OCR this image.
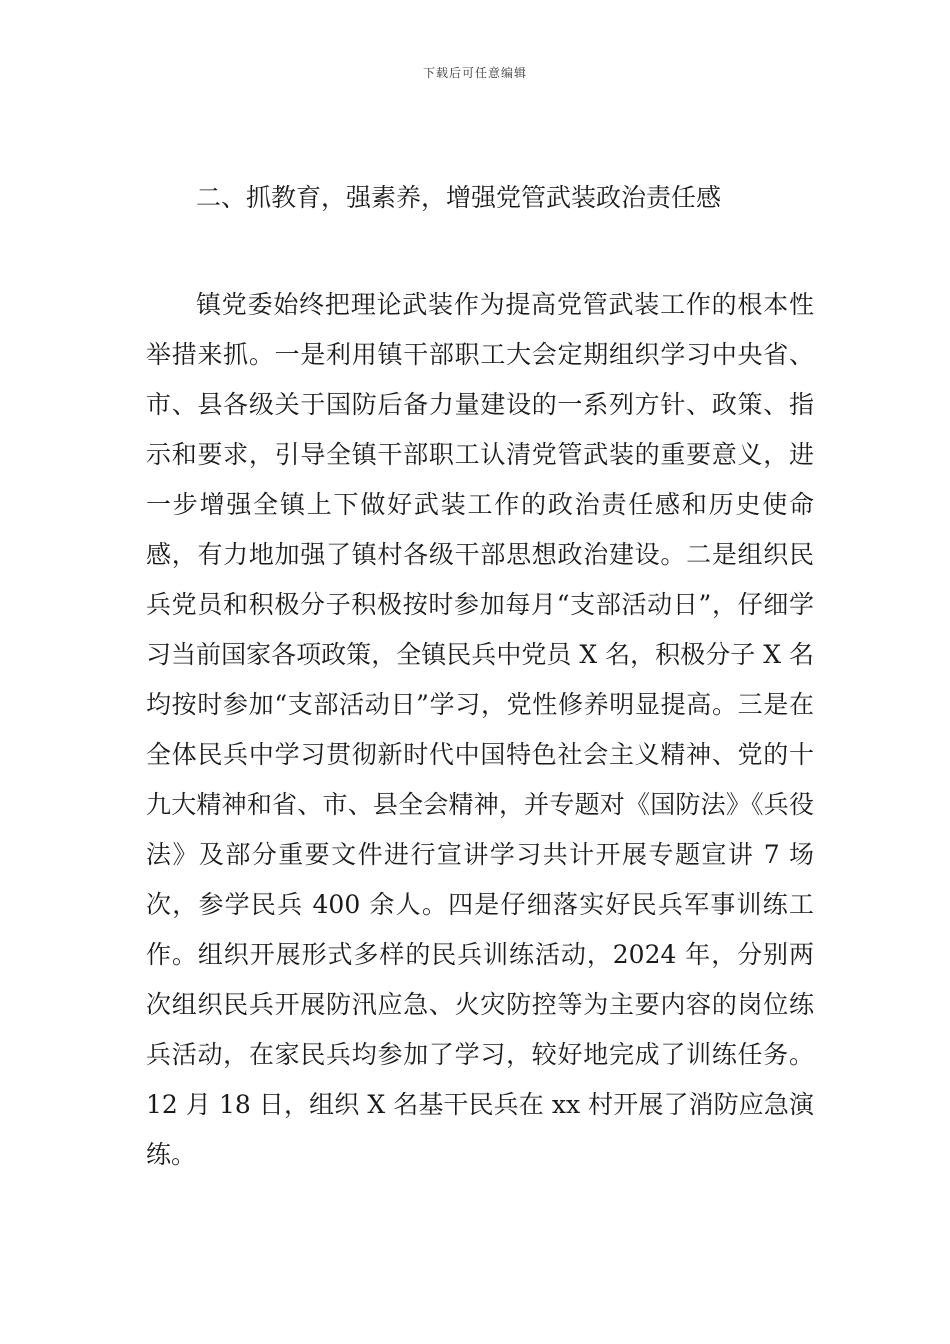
下载后可任意编辑
二、抓教育，强素养，增强党管武装政治责任感

镇党委始终把理论武装作为提高党管武装工作的根本性举措来抓。一是利用镇干部职工大会定期组织学习中央省、市、县各级关于国防后备力量建设的一系列方针、政策、指示和要求，引导全镇干部职工认清党管武装的重要意义，进一步增强全镇上下做好武装工作的政治责任感和历史使命感，有力地加强了镇村各级干部思想政治建设。二是组织民兵党员和积极分子积极按时参加每月“支部活动日”，仔细学习当前国家各项政策，全镇民兵中党员 X 名，积极分子 X 名均按时参加“支部活动日”学习，党性修养明显提高。三是在全体民兵中学习贯彻新时代中国特色社会主义精神、党的十九大精神和省、市、县全会精神，并专题对《国防法》《兵役法》及部分重要文件进行宣讲学习共计开展专题宣讲 7 场次，参学民兵 400 余人。四是仔细落实好民兵军事训练工作。组织开展形式多样的民兵训练活动，2024 年，分别两次组织民兵开展防汛应急、火灾防控等为主要内容的岗位练兵活动，在家民兵均参加了学习，较好地完成了训练任务。12 月 18 日，组织 X 名基干民兵在 xx 村开展了消防应急演练。
